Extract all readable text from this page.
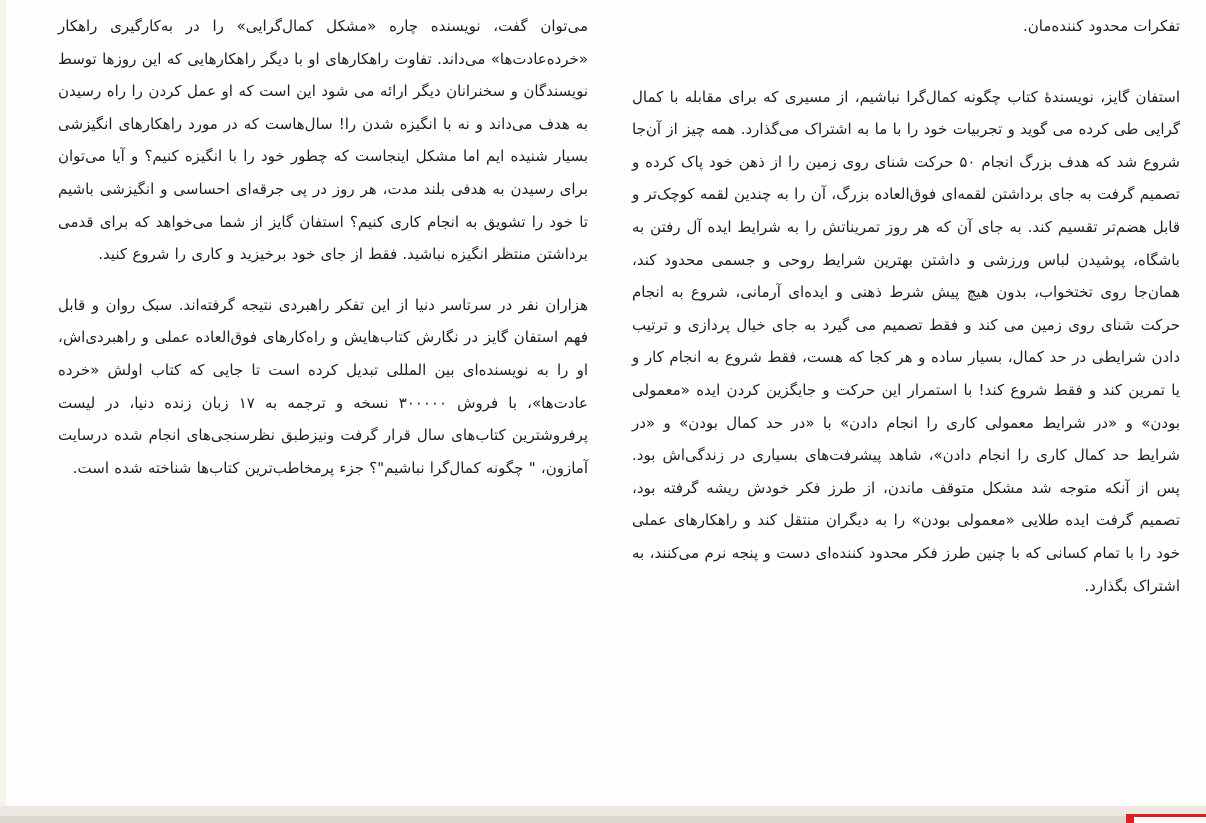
تفکرات محدود کننده‌مان.

استفان گایز، نویسندهٔ کتاب چگونه کمال‌گرا نباشیم، از مسیری که برای مقابله با کمال گرایی طی کرده می گوید و تجربیات خود را با ما به اشتراک می‌گذارد. همه چیز از آن‌جا شروع شد که هدف بزرگ انجام ۵۰ حرکت شنای روی زمین را از ذهن خود پاک کرده و تصمیم گرفت به جای برداشتن لقمه‌ای فوق‌العاده بزرگ، آن را به چندین لقمه کوچک‌تر و قابل هضم‌تر تقسیم کند. به جای آن که هر روز تمریناتش را به شرایط ایده آل رفتن به باشگاه، پوشیدن لباس ورزشی و داشتن بهترین شرایط روحی و جسمی محدود کند، همان‌جا روی تختخواب، بدون هیچ پیش شرط ذهنی و ایده‌ای آرمانی، شروع به انجام حرکت شنای روی زمین می کند و فقط تصمیم می گیرد به جای خیال پردازی و ترتیب دادن شرایطی در حد کمال، بسیار ساده و هر کجا که هست، فقط شروع به انجام کار و یا تمرین کند و فقط شروع کند! با استمرار این حرکت و جایگزین کردن ایده «معمولی بودن» و «در شرایط معمولی کاری را انجام دادن» با «در حد کمال بودن» و «در شرایط حد کمال کاری را انجام دادن»، شاهد پیشرفت‌های بسیاری در زندگی‌اش بود. پس از آنکه متوجه شد مشکل متوقف ماندن، از طرز فکر خودش ریشه گرفته بود، تصمیم گرفت ایده طلایی «معمولی بودن» را به دیگران منتقل کند و راهکارهای عملی خود را با تمام کسانی که با چنین طرز فکر محدود کننده‌ای دست و پنجه نرم می‌کنند، به اشتراک بگذارد.

می‌توان گفت، نویسنده چاره «مشکل کمال‌گرایی» را در به‌کارگیری راهکار «خرده‌عادت‌ها» می‌داند. تفاوت راهکارهای او با دیگر راهکارهایی که این روزها توسط نویسندگان و سخنرانان دیگر ارائه می شود این است که او عمل کردن را راه رسیدن به هدف می‌داند و نه با انگیزه شدن را! سال‌هاست که در مورد راهکارهای انگیزشی بسیار شنیده ایم اما مشکل اینجاست که چطور خود را با انگیزه کنیم؟ و آیا می‌توان برای رسیدن به هدفی بلند مدت، هر روز در پی جرقه‌ای احساسی و انگیزشی باشیم تا خود را تشویق به انجام کاری کنیم؟ استفان گایز از شما می‌خواهد که برای قدمی برداشتن منتظر انگیزه نباشید. فقط از جای خود برخیزید و کاری را شروع کنید.

هزاران نفر در سرتاسر دنیا از این تفکر راهبردی نتیجه گرفته‌اند. سبک روان و قابل فهم استفان گایز در نگارش کتاب‌هایش و راه‌کارهای فوق‌العاده عملی و راهبردی‌اش، او را به نویسنده‌ای بین المللی تبدیل کرده است تا جایی که کتاب اولش «خرده عادت‌ها»، با فروش ۳۰۰۰۰۰ نسخه و ترجمه به ۱۷ زبان زنده دنیا، در لیست پرفروشترین کتاب‌های سال قرار گرفت ونیزطبق نظرسنجی‌های انجام شده درسایت آمازون، " چگونه کمال‌گرا نباشیم"؟ جزء پرمخاطب‌ترین کتاب‌ها شناخته شده است.
